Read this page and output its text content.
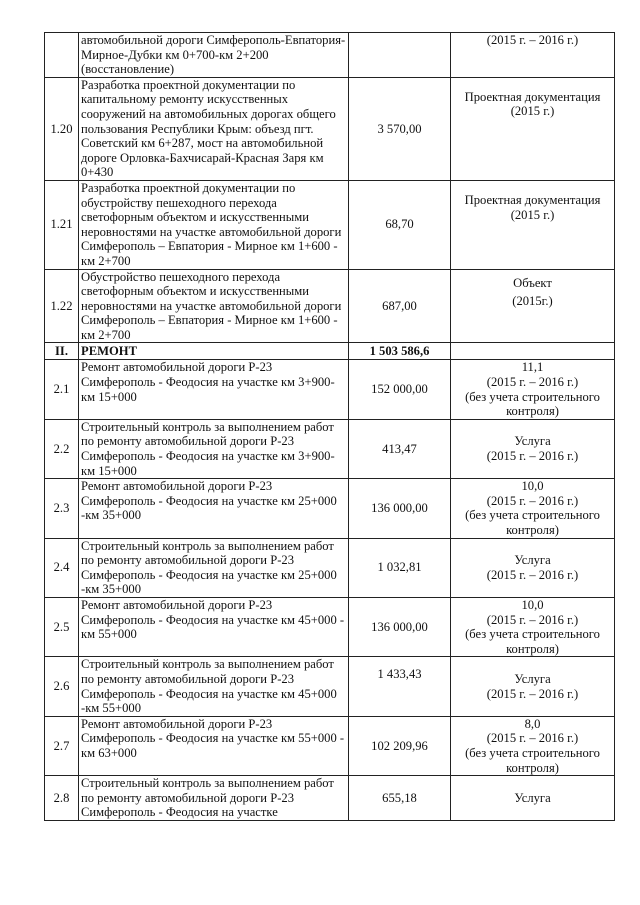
	автомобильной дороги Симферополь-Евпатория-Мирное-Дубки км 0+700-км 2+200 (восстановление)		(2015 г. – 2016 г.)

1.20	Разработка проектной документации по капитальному ремонту искусственных сооружений на автомобильных дорогах общего пользования Республики Крым: объезд пгт. Советский км 6+287, мост на автомобильной дороге Орловка-Бахчисарай-Красная Заря км 0+430	3 570,00	Проектная документация
(2015 г.)

1.21	Разработка проектной документации по обустройству пешеходного перехода светофорным объектом и искусственными неровностями на участке автомобильной дороги Симферополь – Евпатория - Мирное км 1+600 - км 2+700	68,70	Проектная документация
(2015 г.)

1.22	Обустройство пешеходного перехода светофорным объектом и искусственными неровностями на участке автомобильной дороги Симферополь – Евпатория - Мирное км 1+600 - км 2+700	687,00	Объект
(2015г.)

II.	РЕМОНТ	1 503 586,6	
2.1	Ремонт автомобильной дороги Р-23 Симферополь - Феодосия на участке км 3+900-км 15+000	152 000,00	11,1
(2015 г. – 2016 г.)
(без учета строительного
контроля)

2.2	Строительный контроль за выполнением работ по ремонту автомобильной дороги Р-23 Симферополь - Феодосия на участке км 3+900-км 15+000	413,47	Услуга
(2015 г. – 2016 г.)

2.3	Ремонт автомобильной дороги Р-23 Симферополь - Феодосия на участке км 25+000 -км 35+000	136 000,00	10,0
(2015 г. – 2016 г.)
(без учета строительного
контроля)

2.4	Строительный контроль за выполнением работ по ремонту автомобильной дороги Р-23 Симферополь - Феодосия на участке км 25+000 -км 35+000	1 032,81	Услуга
(2015 г. – 2016 г.)

2.5	Ремонт автомобильной дороги Р-23 Симферополь - Феодосия на участке км 45+000 - км 55+000	136 000,00	10,0
(2015 г. – 2016 г.)
(без учета строительного
контроля)

2.6	Строительный контроль за выполнением работ по ремонту автомобильной дороги Р-23 Симферополь - Феодосия на участке км 45+000 -км 55+000	1 433,43	Услуга
(2015 г. – 2016 г.)

2.7	Ремонт автомобильной дороги Р-23 Симферополь - Феодосия на участке км 55+000 - км 63+000	102 209,96	8,0
(2015 г. – 2016 г.)
(без учета строительного
контроля)

2.8	Строительный контроль за выполнением работ по ремонту автомобильной дороги Р-23 Симферополь - Феодосия на участке	655,18	Услуга
